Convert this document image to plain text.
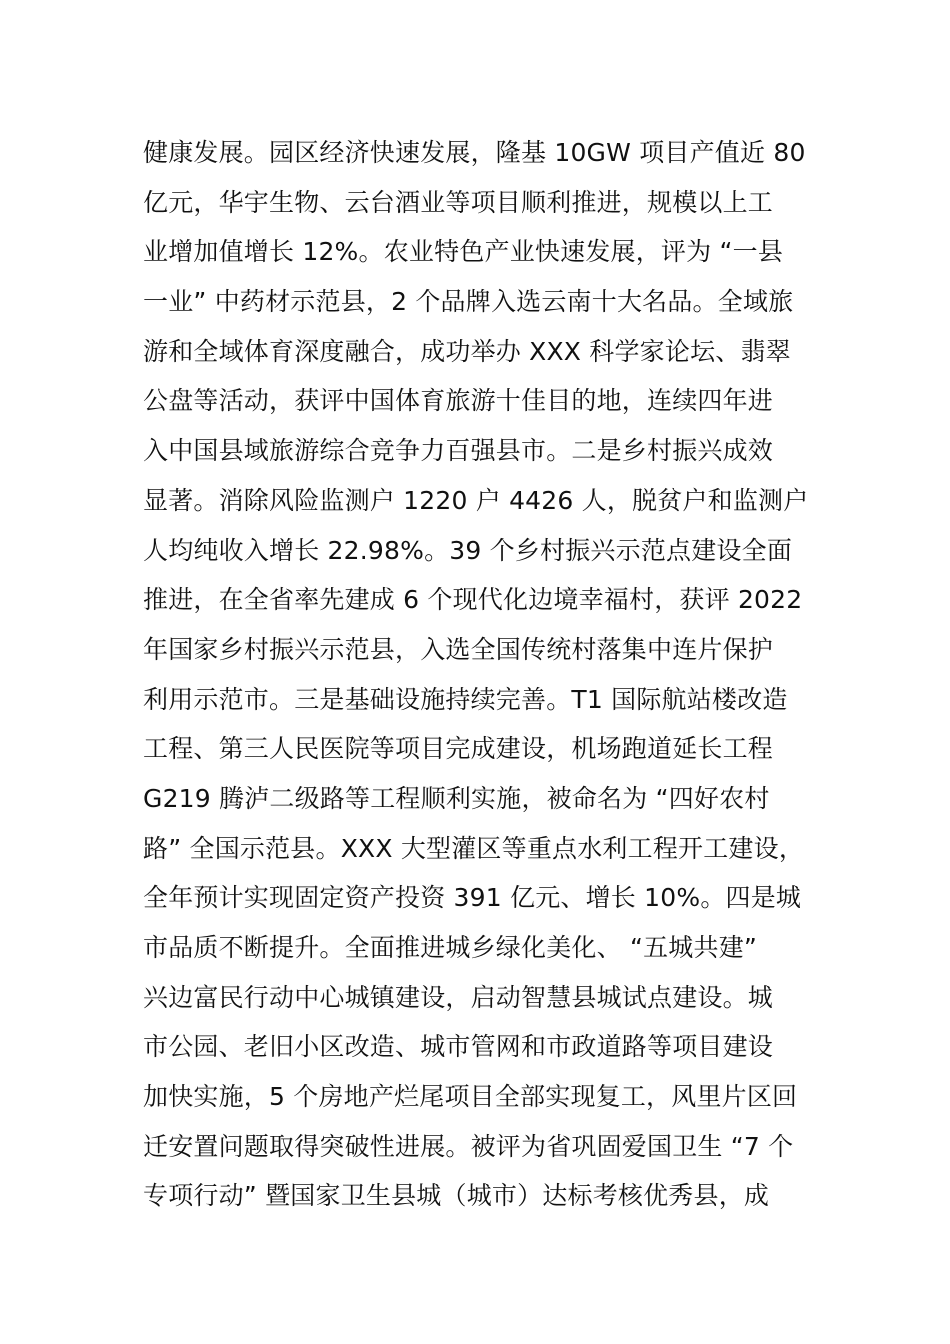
健康发展。园区经济快速发展，隆基 10GW 项目产值近 80
亿元，华宇生物、云台酒业等项目顺利推进，规模以上工
业增加值增长 12%。农业特色产业快速发展，评为 “一县
一业” 中药材示范县，2 个品牌入选云南十大名品。全域旅
游和全域体育深度融合，成功举办 XXX 科学家论坛、翡翠
公盘等活动，获评中国体育旅游十佳目的地，连续四年进
入中国县域旅游综合竞争力百强县市。二是乡村振兴成效
显著。消除风险监测户 1220 户 4426 人，脱贫户和监测户
人均纯收入增长 22.98%。39 个乡村振兴示范点建设全面
推进，在全省率先建成 6 个现代化边境幸福村，获评 2022
年国家乡村振兴示范县，入选全国传统村落集中连片保护
利用示范市。三是基础设施持续完善。T1 国际航站楼改造
工程、第三人民医院等项目完成建设，机场跑道延长工程
G219 腾泸二级路等工程顺利实施，被命名为 “四好农村
路” 全国示范县。XXX 大型灌区等重点水利工程开工建设，
全年预计实现固定资产投资 391 亿元、增长 10%。四是城
市品质不断提升。全面推进城乡绿化美化、 “五城共建”
兴边富民行动中心城镇建设，启动智慧县城试点建设。城
市公园、老旧小区改造、城市管网和市政道路等项目建设
加快实施，5 个房地产烂尾项目全部实现复工，风里片区回
迁安置问题取得突破性进展。被评为省巩固爱国卫生 “7 个
专项行动” 暨国家卫生县城（城市）达标考核优秀县，成
